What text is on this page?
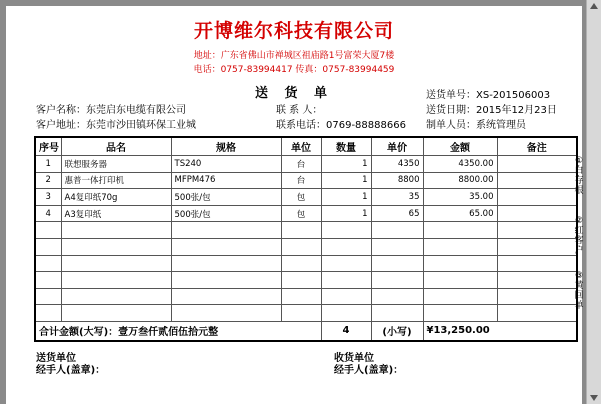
开博维尔科技有限公司
地址：广东省佛山市禅城区祖庙路1号富荣大厦7楼
电话：0757-83994417 传真：0757-83994459
送 货 单	送货单号：XS-201506003
客户名称：东莞启东电缆有限公司	联 系 人：	送货日期：2015年12月23日
客户地址：东莞市沙田镇环保工业城	联系电话：0769-88888666 制单人员：系统管理员
序号	品名	规格	单位	数量	单价	金额	备注
1	联想服务器	TS240	台	1	4350	4350.00	
2	惠普一体打印机	MFPM476	台	1	8800	8800.00	
3	A4复印纸70g	500张/包	包	1	35	35.00	
4	A3复印纸	500张/包	包	1	65	65.00	

合计金额(大写)：壹万叁仟贰佰伍拾元整				4	(小写)	¥13,250.00	
①白存根
②红客户
③黄回单
送货单位
经手人(盖章)：
收货单位
经手人(盖章)：
